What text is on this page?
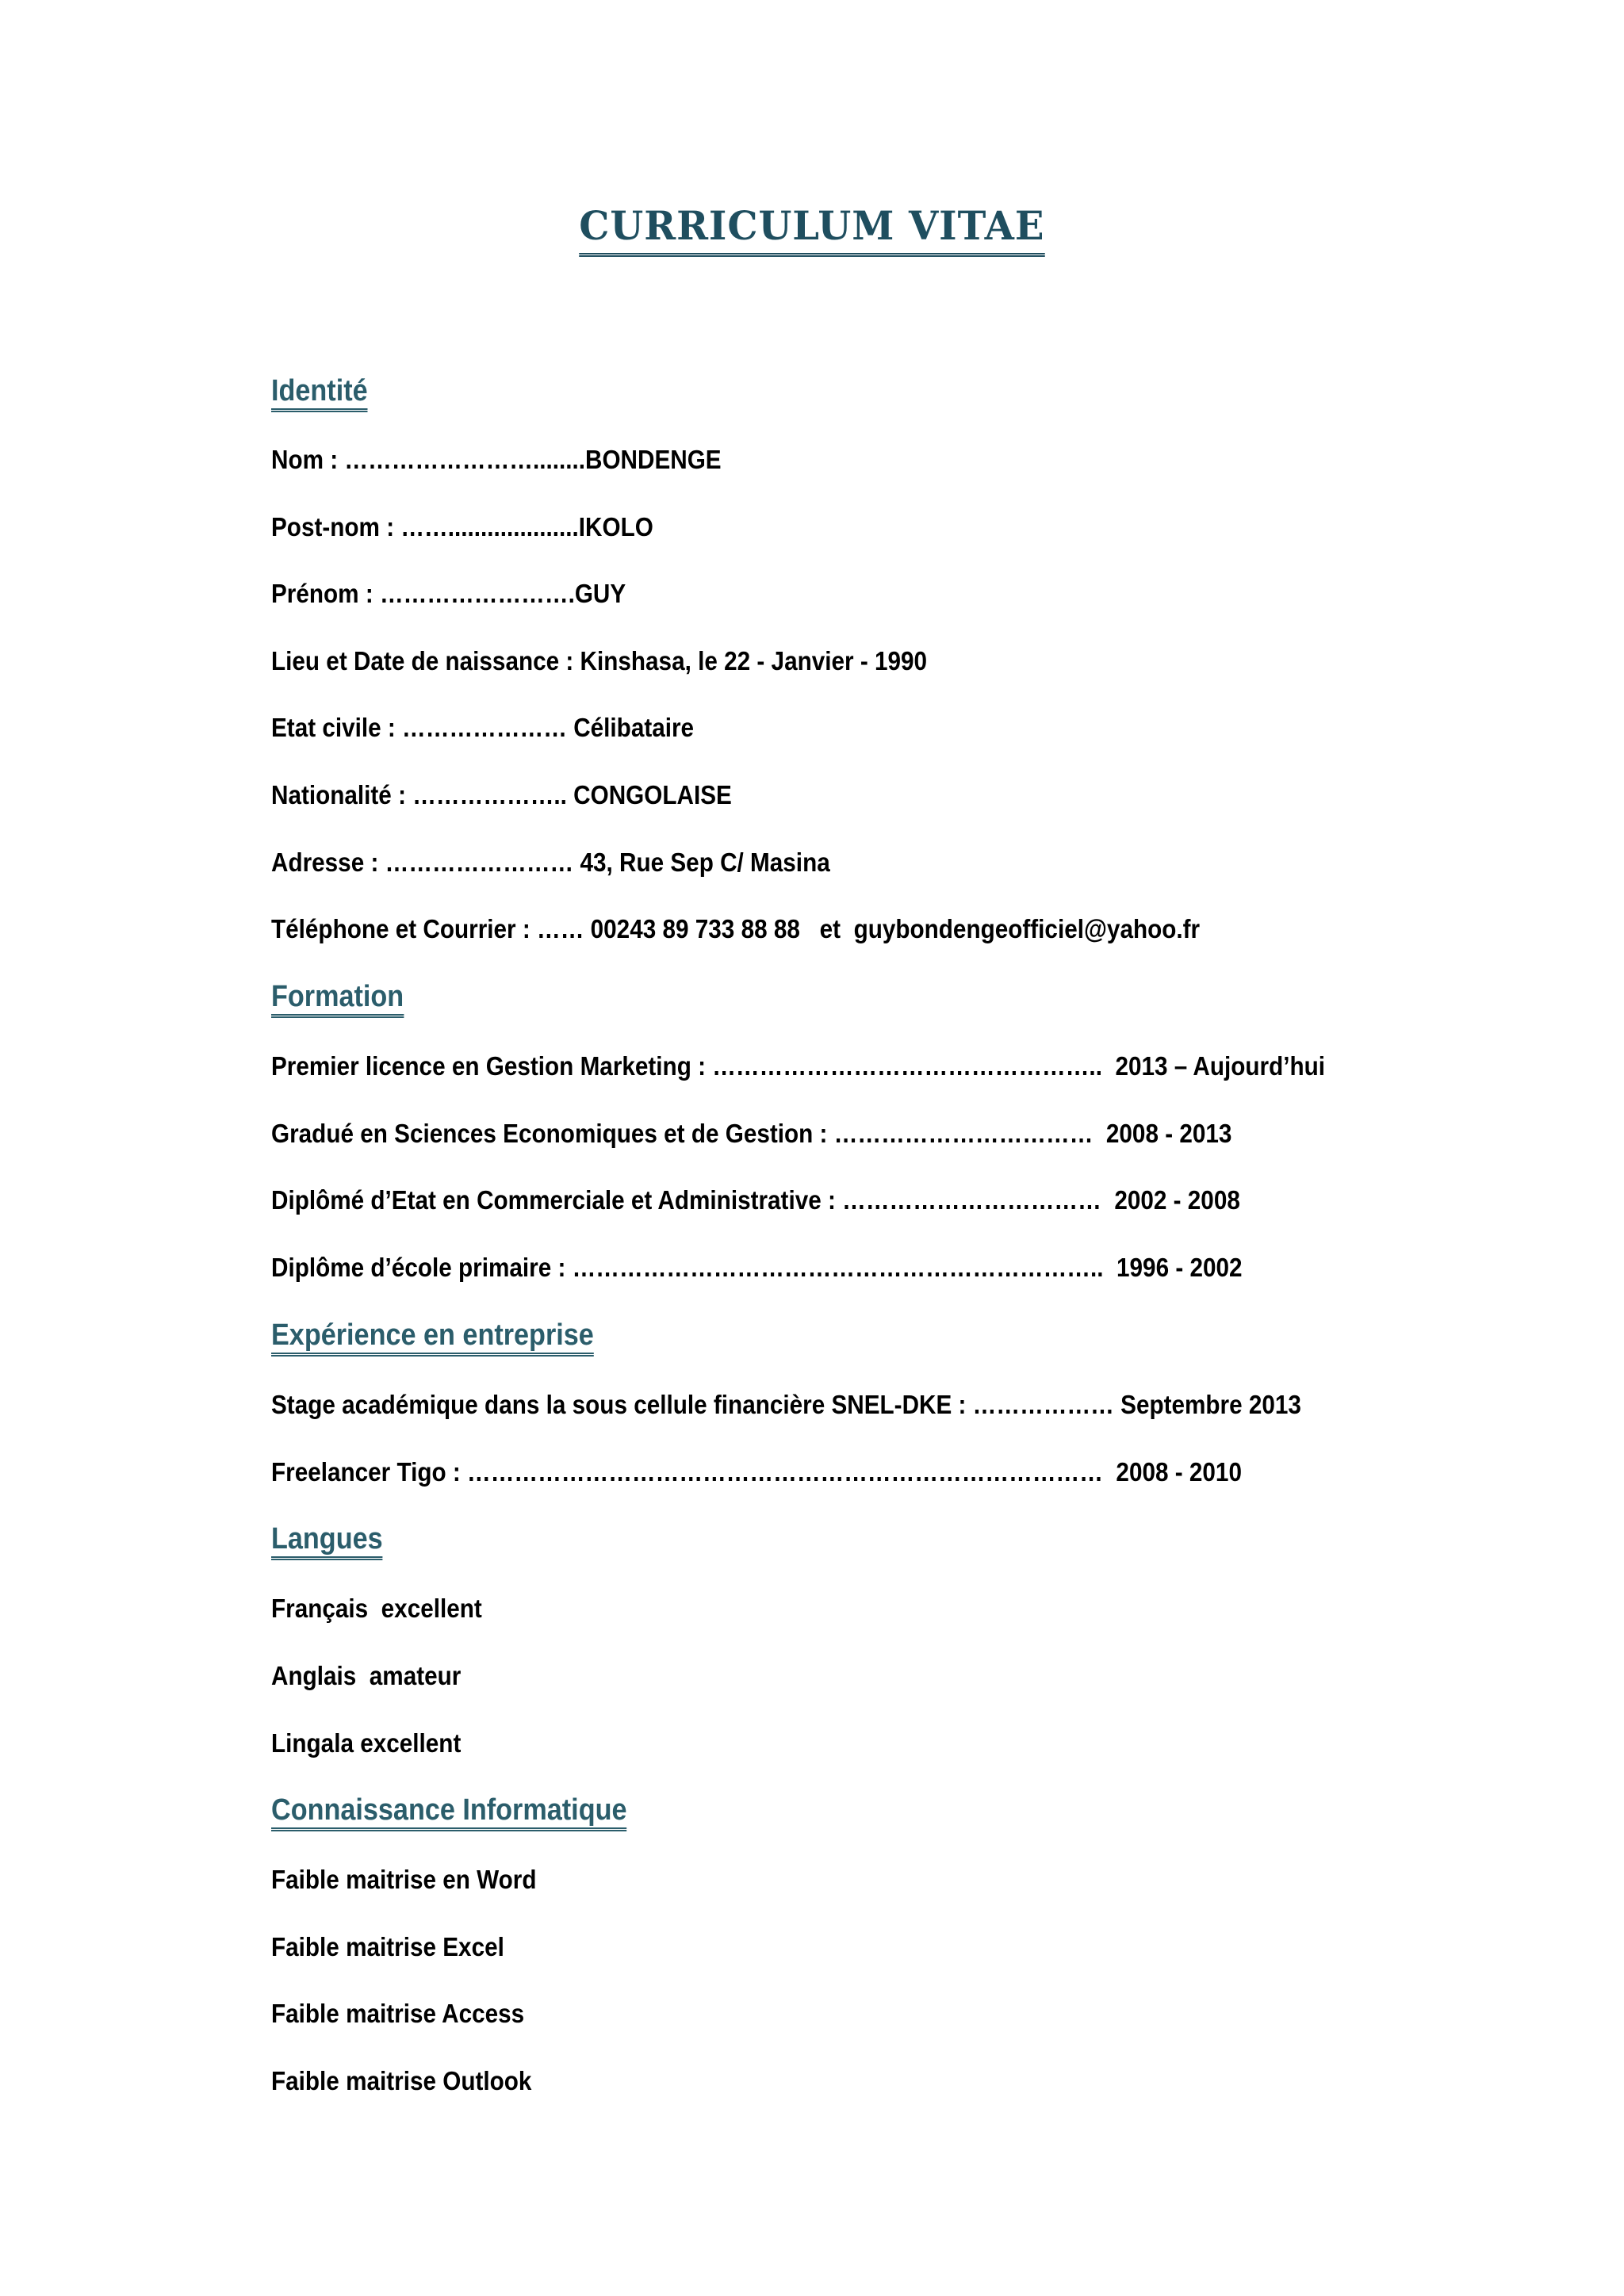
CURRICULUM VITAE
Identité
Nom : ……………………........BONDENGE
Post-nom : ……....................IKOLO
Prénom : …………………….GUY
Lieu et Date de naissance : Kinshasa, le 22 - Janvier - 1990
Etat civile : ………………… Célibataire
Nationalité : ……………….. CONGOLAISE
Adresse : …………………… 43, Rue Sep C/ Masina
Téléphone et Courrier : …… 00243 89 733 88 88   et  guybondengeofficiel@yahoo.fr
Formation
Premier licence en Gestion Marketing : …………………………………………..  2013 – Aujourd’hui
Gradué en Sciences Economiques et de Gestion : ……………………………  2008 - 2013
Diplômé d’Etat en Commerciale et Administrative : ……………………………  2002 - 2008
Diplôme d’école primaire : …………………………………………………………..  1996 - 2002
Expérience en entreprise
Stage académique dans la sous cellule financière SNEL-DKE : ……………… Septembre 2013
Freelancer Tigo : ………………………………………………………………………  2008 - 2010
Langues
Français  excellent
Anglais  amateur
Lingala excellent
Connaissance Informatique
Faible maitrise en Word
Faible maitrise Excel
Faible maitrise Access
Faible maitrise Outlook
